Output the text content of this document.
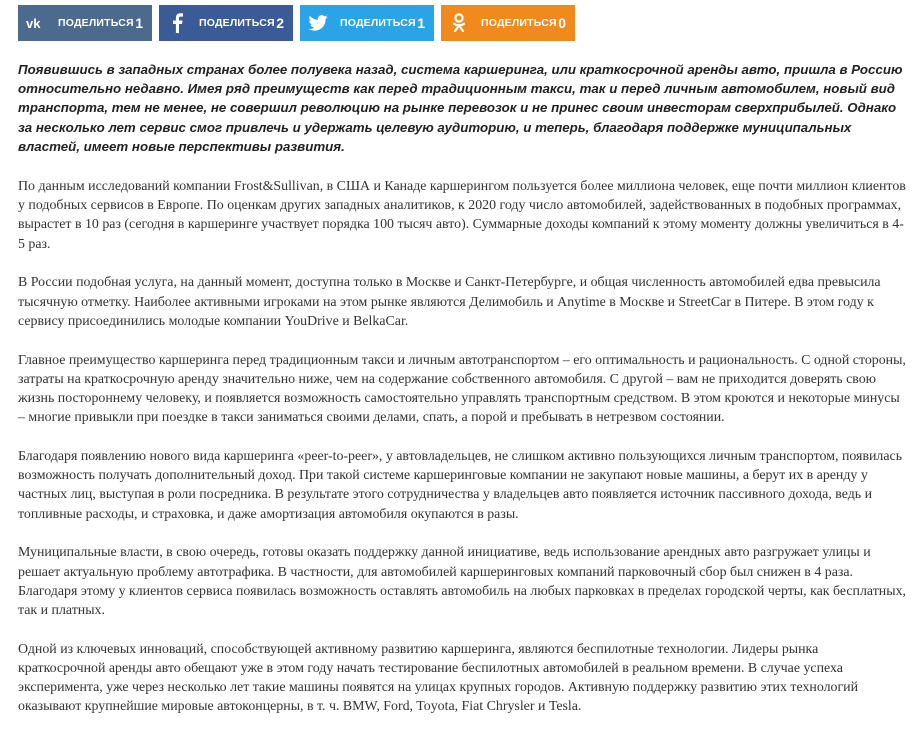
vk ПОДЕЛИТЬСЯ 1	ПОДЕЛИТЬСЯ 2	ПОДЕЛИТЬСЯ 1	ПОДЕЛИТЬСЯ 0

Появившись в западных странах более полувека назад, система каршеринга, или краткосрочной аренды авто, пришла в Россию относительно недавно. Имея ряд преимуществ как перед традиционным такси, так и перед личным автомобилем, новый вид транспорта, тем не менее, не совершил революцию на рынке перевозок и не принес своим инвесторам сверхприбылей. Однако за несколько лет сервис смог привлечь и удержать целевую аудиторию, и теперь, благодаря поддержке муниципальных властей, имеет новые перспективы развития.

По данным исследований компании Frost&Sullivan, в США и Канаде каршерингом пользуется более миллиона человек, еще почти миллион клиентов у подобных сервисов в Европе. По оценкам других западных аналитиков, к 2020 году число автомобилей, задействованных в подобных программах, вырастет в 10 раз (сегодня в каршеринге участвует порядка 100 тысяч авто). Суммарные доходы компаний к этому моменту должны увеличиться в 4-5 раз.

В России подобная услуга, на данный момент, доступна только в Москве и Санкт-Петербурге, и общая численность автомобилей едва превысила тысячную отметку. Наиболее активными игроками на этом рынке являются Делимобиль и Anytime в Москве и StreetCar в Питере. В этом году к сервису присоединились молодые компании YouDrive и BelkaCar.

Главное преимущество каршеринга перед традиционным такси и личным автотранспортом – его оптимальность и рациональность. С одной стороны, затраты на краткосрочную аренду значительно ниже, чем на содержание собственного автомобиля. С другой – вам не приходится доверять свою жизнь постороннему человеку, и появляется возможность самостоятельно управлять транспортным средством. В этом кроются и некоторые минусы – многие привыкли при поездке в такси заниматься своими делами, спать, а порой и пребывать в нетрезвом состоянии.

Благодаря появлению нового вида каршеринга «peer-to-peer», у автовладельцев, не слишком активно пользующихся личным транспортом, появилась возможность получать дополнительный доход. При такой системе каршеринговые компании не закупают новые машины, а берут их в аренду у частных лиц, выступая в роли посредника. В результате этого сотрудничества у владельцев авто появляется источник пассивного дохода, ведь и топливные расходы, и страховка, и даже амортизация автомобиля окупаются в разы.

Муниципальные власти, в свою очередь, готовы оказать поддержку данной инициативе, ведь использование арендных авто разгружает улицы и решает актуальную проблему автотрафика. В частности, для автомобилей каршеринговых компаний парковочный сбор был снижен в 4 раза. Благодаря этому у клиентов сервиса появилась возможность оставлять автомобиль на любых парковках в пределах городской черты, как бесплатных, так и платных.

Одной из ключевых инноваций, способствующей активному развитию каршеринга, являются беспилотные технологии. Лидеры рынка краткосрочной аренды авто обещают уже в этом году начать тестирование беспилотных автомобилей в реальном времени. В случае успеха эксперимента, уже через несколько лет такие машины появятся на улицах крупных городов. Активную поддержку развитию этих технологий оказывают крупнейшие мировые автоконцерны, в т. ч. BMW, Ford, Toyota, Fiat Chrysler и Tesla.
